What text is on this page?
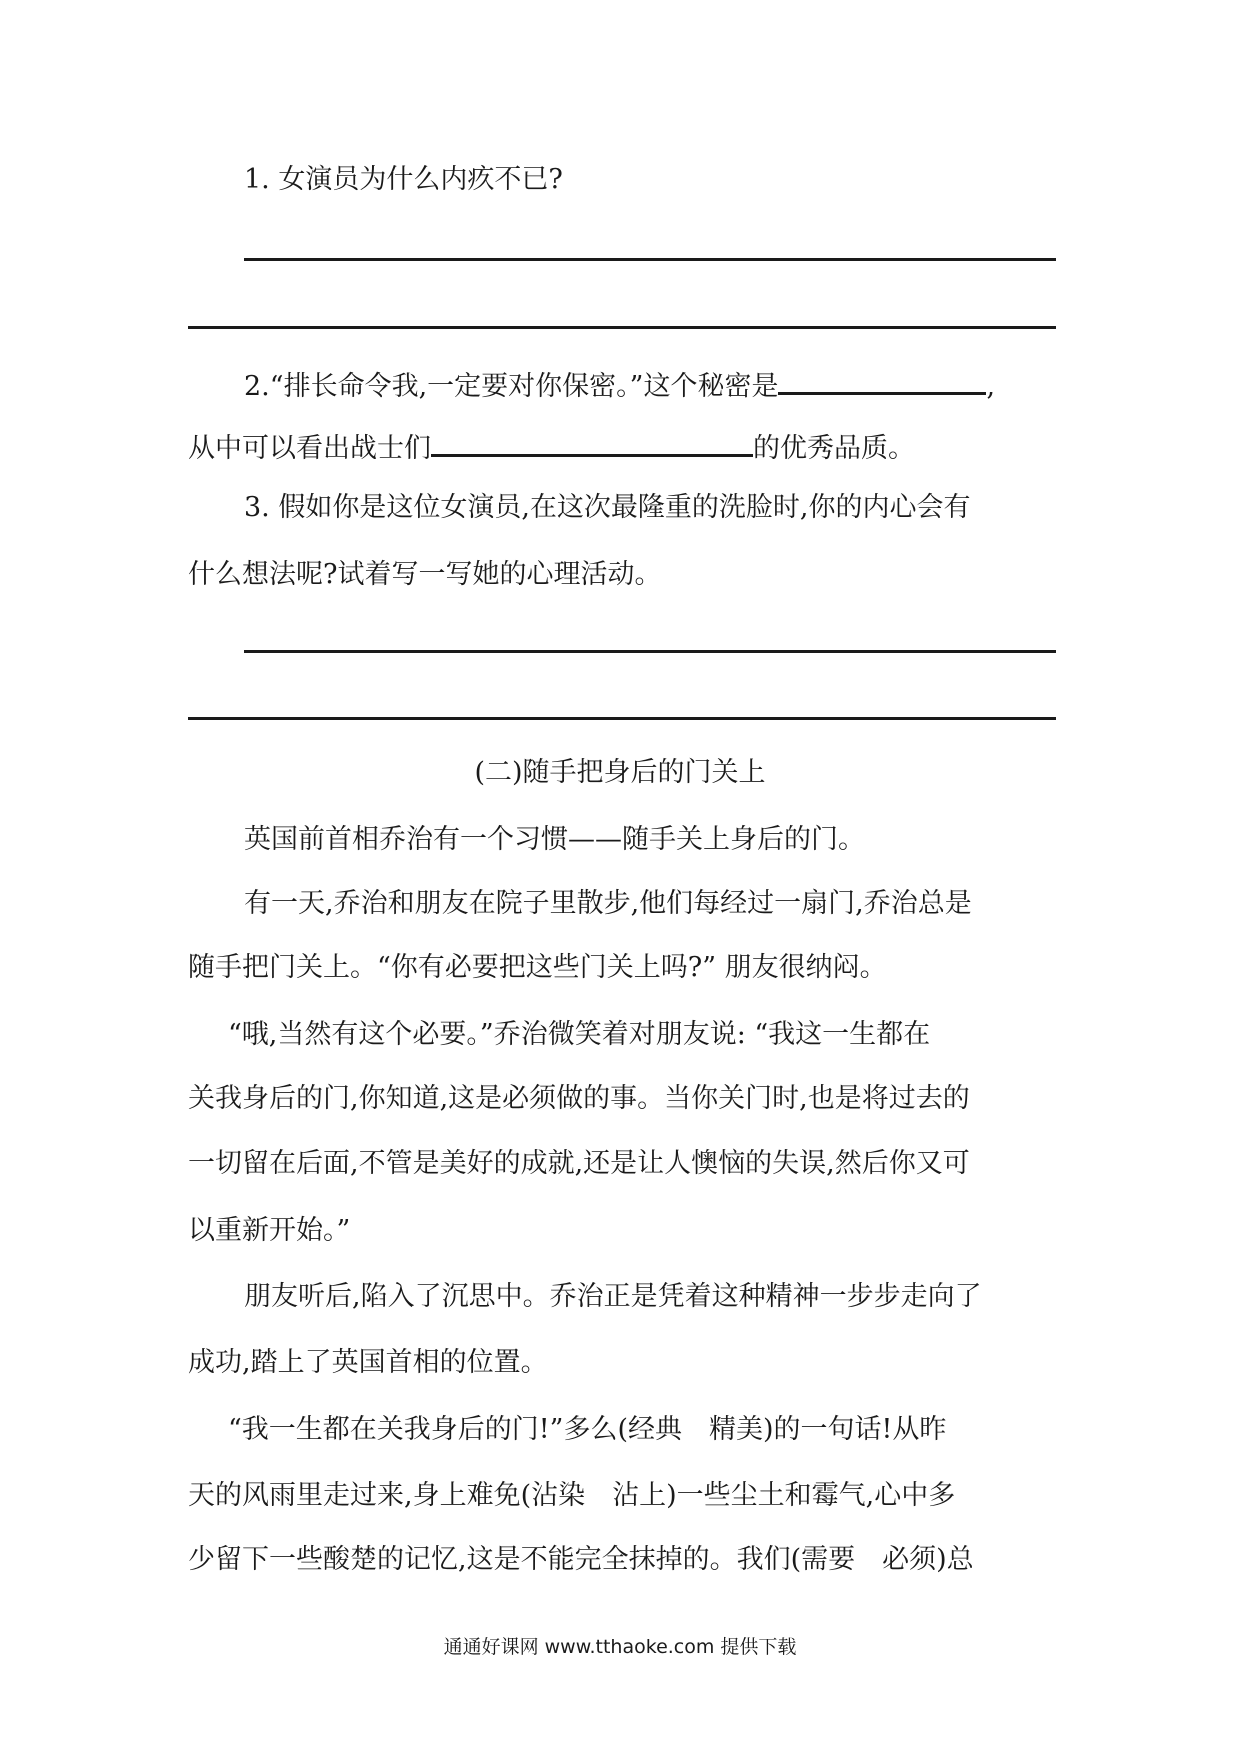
1. 女演员为什么内疚不已?
2.“排长命令我,一定要对你保密。”这个秘密是	,
从中可以看出战士们	的优秀品质。
3. 假如你是这位女演员,在这次最隆重的洗脸时,你的内心会有
什么想法呢?试着写一写她的心理活动。
(二)随手把身后的门关上
英国前首相乔治有一个习惯——随手关上身后的门。
有一天,乔治和朋友在院子里散步,他们每经过一扇门,乔治总是
随手把门关上。“你有必要把这些门关上吗?” 朋友很纳闷。
“哦,当然有这个必要。”乔治微笑着对朋友说: “我这一生都在
关我身后的门,你知道,这是必须做的事。当你关门时,也是将过去的
一切留在后面,不管是美好的成就,还是让人懊恼的失误,然后你又可
以重新开始。”
朋友听后,陷入了沉思中。乔治正是凭着这种精神一步步走向了
成功,踏上了英国首相的位置。
“我一生都在关我身后的门!”多么(经典　精美)的一句话!从昨
天的风雨里走过来,身上难免(沾染　沾上)一些尘土和霉气,心中多
少留下一些酸楚的记忆,这是不能完全抹掉的。我们(需要　必须)总
通通好课网 www.tthaoke.com 提供下载
